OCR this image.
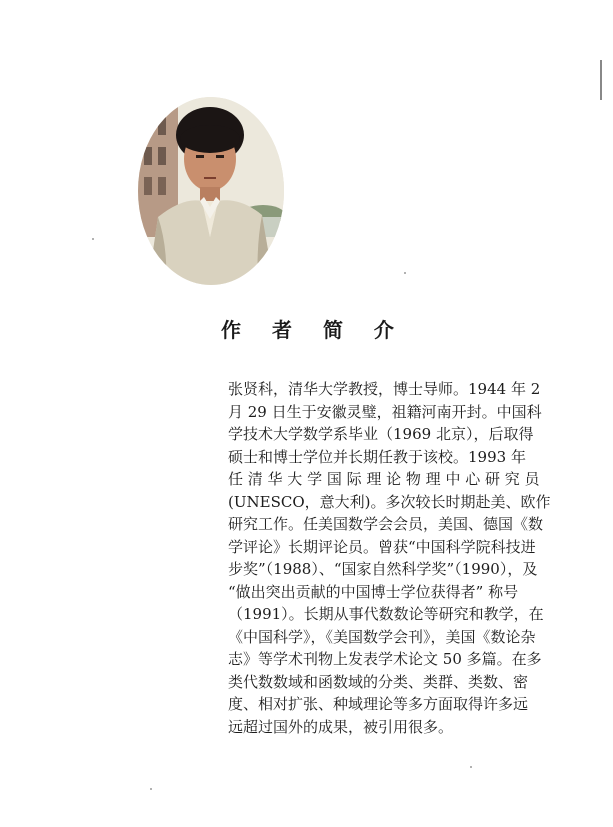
作 者 简 介
张贤科，清华大学教授，博士导师。1944 年 2
月 29 日生于安徽灵璧，祖籍河南开封。中国科
学技术大学数学系毕业（1969 北京），后取得
硕士和博士学位并长期任教于该校。1993 年
任 清 华 大 学 国 际 理 论 物 理 中 心 研 究 员
(UNESCO，意大利)。多次较长时期赴美、欧作
研究工作。任美国数学会会员，美国、德国《数
学评论》长期评论员。曾获“中国科学院科技进
步奖”（1988）、“国家自然科学奖”（1990），及
“做出突出贡献的中国博士学位获得者” 称号
（1991）。长期从事代数数论等研究和教学，在
《中国科学》，《美国数学会刊》，美国《数论杂
志》等学术刊物上发表学术论文 50 多篇。在多
类代数数域和函数域的分类、类群、类数、密
度、相对扩张、种域理论等多方面取得许多远
远超过国外的成果，被引用很多。
